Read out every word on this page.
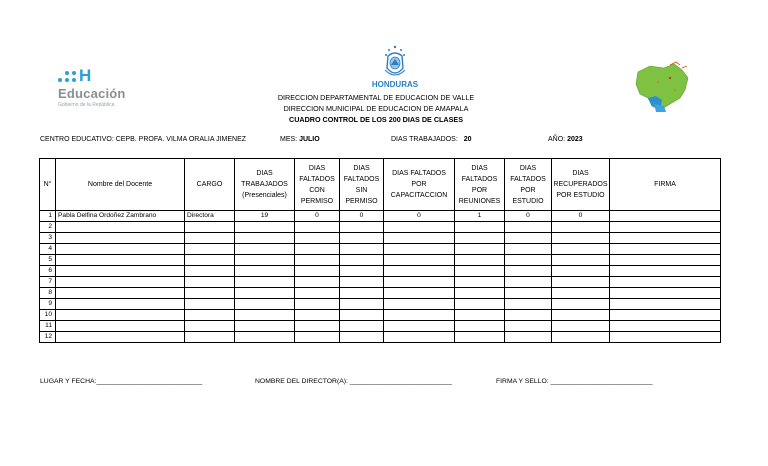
H
Educación
Gobierno de la República
HONDURAS
DIRECCION DEPARTAMENTAL DE EDUCACION DE VALLE
DIRECCION MUNICIPAL DE EDUCACION DE AMAPALA
CUADRO CONTROL DE LOS 200 DIAS DE CLASES
CENTRO EDUCATIVO: CEPB. PROFA. VILMA ORALIA JIMENEZ	MES: JULIO	DIAS TRABAJADOS: 20	AÑO: 2023
N°	Nombre del Docente	CARGO	DIAS TRABAJADOS (Presenciales)	DIAS FALTADOS CON PERMISO	DIAS FALTADOS SIN PERMISO	DIAS FALTADOS POR CAPACITACCION	DIAS FALTADOS POR REUNIONES	DIAS FALTADOS POR ESTUDIO	DIAS RECUPERADOS POR ESTUDIO	FIRMA
1	Pabla Delfina Ordoñez Zambrano	Directora	19	0	0	0	1	0	0	
2										
3										
4										
5										
6										
7										
8										
9										
10										
11										
12										
LUGAR Y FECHA:____________________________	NOMBRE DEL DIRECTOR(A): ___________________________	FIRMA Y SELLO: ___________________________
